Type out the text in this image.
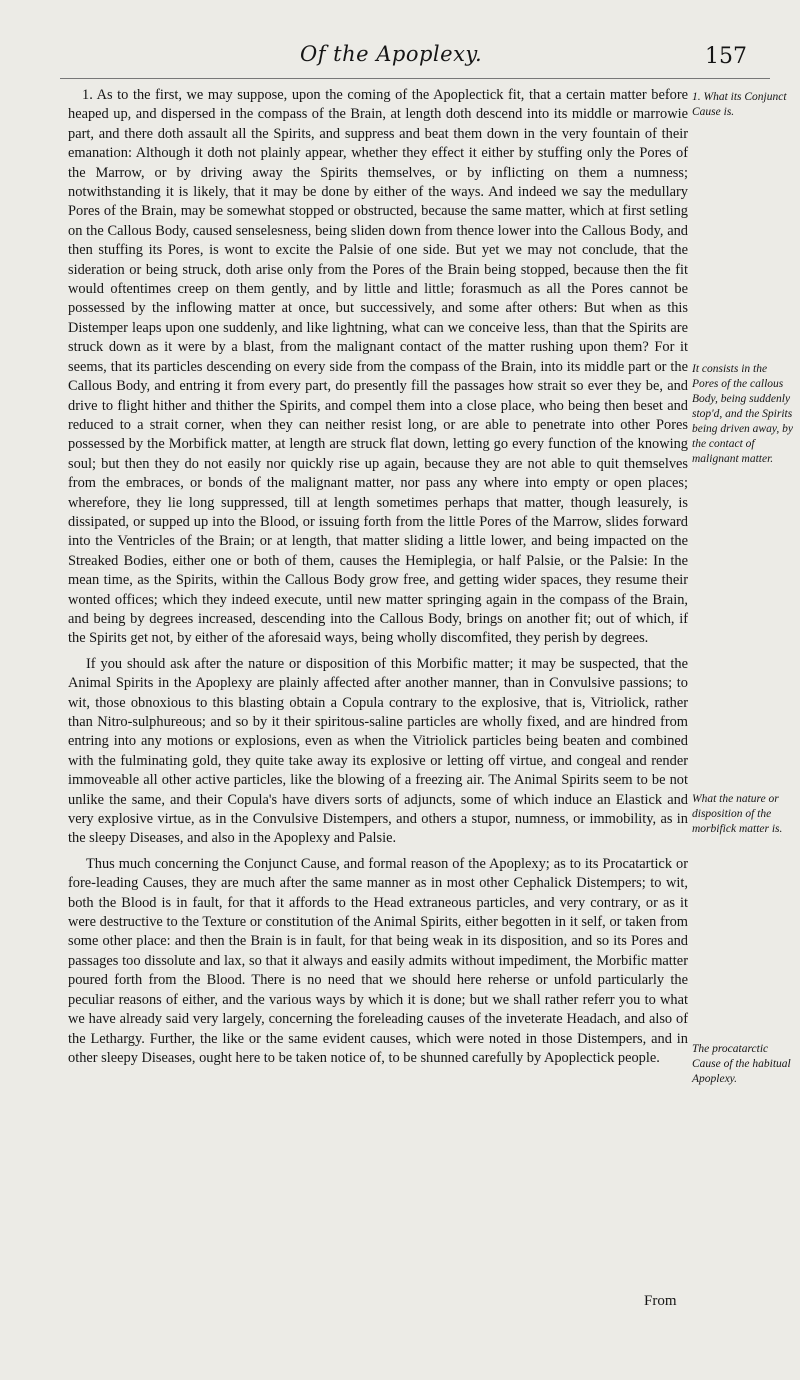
Of the Apoplexy.	157

1. As to the first, we may suppose, upon the coming of the Apoplectick fit, that a certain matter before heaped up, and dispersed in the compass of the Brain, at length doth descend into its middle or marrowie part, and there doth assault all the Spirits, and suppress and beat them down in the very fountain of their emanation: Although it doth not plainly appear, whether they effect it either by stuffing only the Pores of the Marrow, or by driving away the Spirits themselves, or by inflicting on them a numness; notwithstanding it is likely, that it may be done by either of the ways. And indeed we say the medullary Pores of the Brain, may be somewhat stopped or obstructed, because the same matter, which at first setling on the Callous Body, caused senselesness, being sliden down from thence lower into the Callous Body, and then stuffing its Pores, is wont to excite the Palsie of one side. But yet we may not conclude, that the sideration or being struck, doth arise only from the Pores of the Brain being stopped, because then the fit would oftentimes creep on them gently, and by little and little; forasmuch as all the Pores cannot be possessed by the inflowing matter at once, but successively, and some after others: But when as this Distemper leaps upon one suddenly, and like lightning, what can we conceive less, than that the Spirits are struck down as it were by a blast, from the malignant contact of the matter rushing upon them? For it seems, that its particles descending on every side from the compass of the Brain, into its middle part or the Callous Body, and entring it from every part, do presently fill the passages how strait so ever they be, and drive to flight hither and thither the Spirits, and compel them into a close place, who being then beset and reduced to a strait corner, when they can neither resist long, or are able to penetrate into other Pores possessed by the Morbifick matter, at length are struck flat down, letting go every function of the knowing soul; but then they do not easily nor quickly rise up again, because they are not able to quit themselves from the embraces, or bonds of the malignant matter, nor pass any where into empty or open places; wherefore, they lie long suppressed, till at length sometimes perhaps that matter, though leasurely, is dissipated, or supped up into the Blood, or issuing forth from the little Pores of the Marrow, slides forward into the Ventricles of the Brain; or at length, that matter sliding a little lower, and being impacted on the Streaked Bodies, either one or both of them, causes the Hemiplegia, or half Palsie, or the Palsie: In the mean time, as the Spirits, within the Callous Body grow free, and getting wider spaces, they resume their wonted offices; which they indeed execute, until new matter springing again in the compass of the Brain, and being by degrees increased, descending into the Callous Body, brings on another fit; out of which, if the Spirits get not, by either of the aforesaid ways, being wholly discomfited, they perish by degrees.

If you should ask after the nature or disposition of this Morbific matter; it may be suspected, that the Animal Spirits in the Apoplexy are plainly affected after another manner, than in Convulsive passions; to wit, those obnoxious to this blasting obtain a Copula contrary to the explosive, that is, Vitriolick, rather than Nitro-sulphureous; and so by it their spiritous-saline particles are wholly fixed, and are hindred from entring into any motions or explosions, even as when the Vitriolick particles being beaten and combined with the fulminating gold, they quite take away its explosive or letting off virtue, and congeal and render immoveable all other active particles, like the blowing of a freezing air. The Animal Spirits seem to be not unlike the same, and their Copula's have divers sorts of adjuncts, some of which induce an Elastick and very explosive virtue, as in the Convulsive Distempers, and others a stupor, numness, or immobility, as in the sleepy Diseases, and also in the Apoplexy and Palsie.

Thus much concerning the Conjunct Cause, and formal reason of the Apoplexy; as to its Procatartick or fore-leading Causes, they are much after the same manner as in most other Cephalick Distempers; to wit, both the Blood is in fault, for that it affords to the Head extraneous particles, and very contrary, or as it were destructive to the Texture or constitution of the Animal Spirits, either begotten in it self, or taken from some other place: and then the Brain is in fault, for that being weak in its disposition, and so its Pores and passages too dissolute and lax, so that it always and easily admits without impediment, the Morbific matter poured forth from the Blood. There is no need that we should here reherse or unfold particularly the peculiar reasons of either, and the various ways by which it is done; but we shall rather referr you to what we have already said very largely, concerning the foreleading causes of the inveterate Headach, and also of the Lethargy. Further, the like or the same evident causes, which were noted in those Distempers, and in other sleepy Diseases, ought here to be taken notice of, to be shunned carefully by Apoplectick people.

From
1. What its Conjunct Cause is.
It consists in the Pores of the callous Body, being suddenly stop'd, and the Spirits being driven away, by the contact of malignant matter.
What the nature or disposition of the morbifick matter is.
The procatarctic Cause of the habitual Apoplexy.
